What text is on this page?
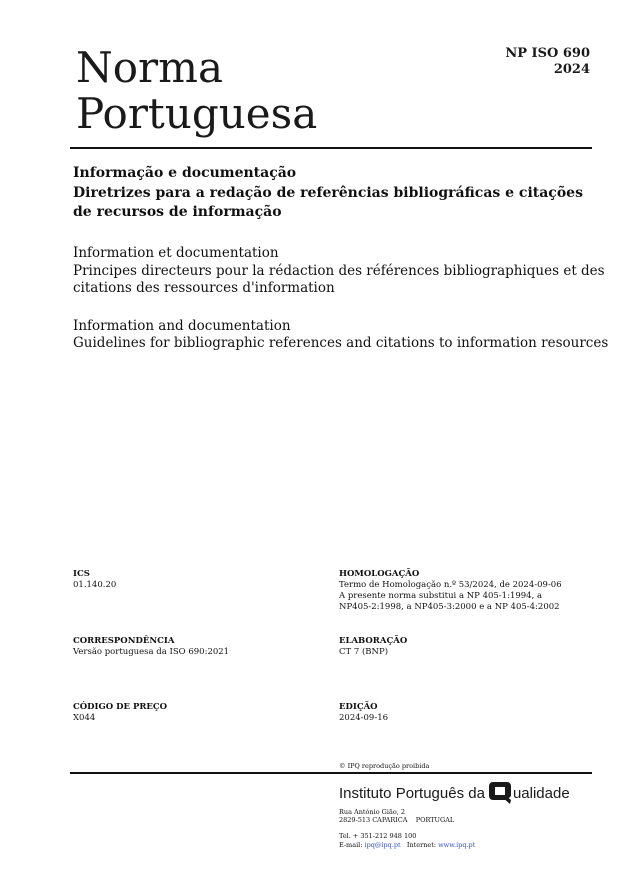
Norma
Portuguesa
NP ISO 690
2024
Informação e documentação
Diretrizes para a redação de referências bibliográficas e citações
de recursos de informação
Information et documentation
Principes directeurs pour la rédaction des références bibliographiques et des
citations des ressources d'information
Information and documentation
Guidelines for bibliographic references and citations to information resources
ICS
01.140.20
HOMOLOGAÇÃO
Termo de Homologação n.º 53/2024, de 2024-09-06
A presente norma substitui a NP 405-1:1994, a
NP405-2:1998, a NP405-3:2000 e a NP 405-4:2002
CORRESPONDÊNCIA
Versão portuguesa da ISO 690:2021
ELABORAÇÃO
CT 7 (BNP)
CÓDIGO DE PREÇO
X044
EDIÇÃO
2024-09-16
© IPQ reprodução proibida
Instituto Português da ualidade
Rua António Gião, 2
2829-513 CAPARICA    PORTUGAL
Tel. + 351-212 948 100
E-mail: ipq@ipq.pt Internet: www.ipq.pt
